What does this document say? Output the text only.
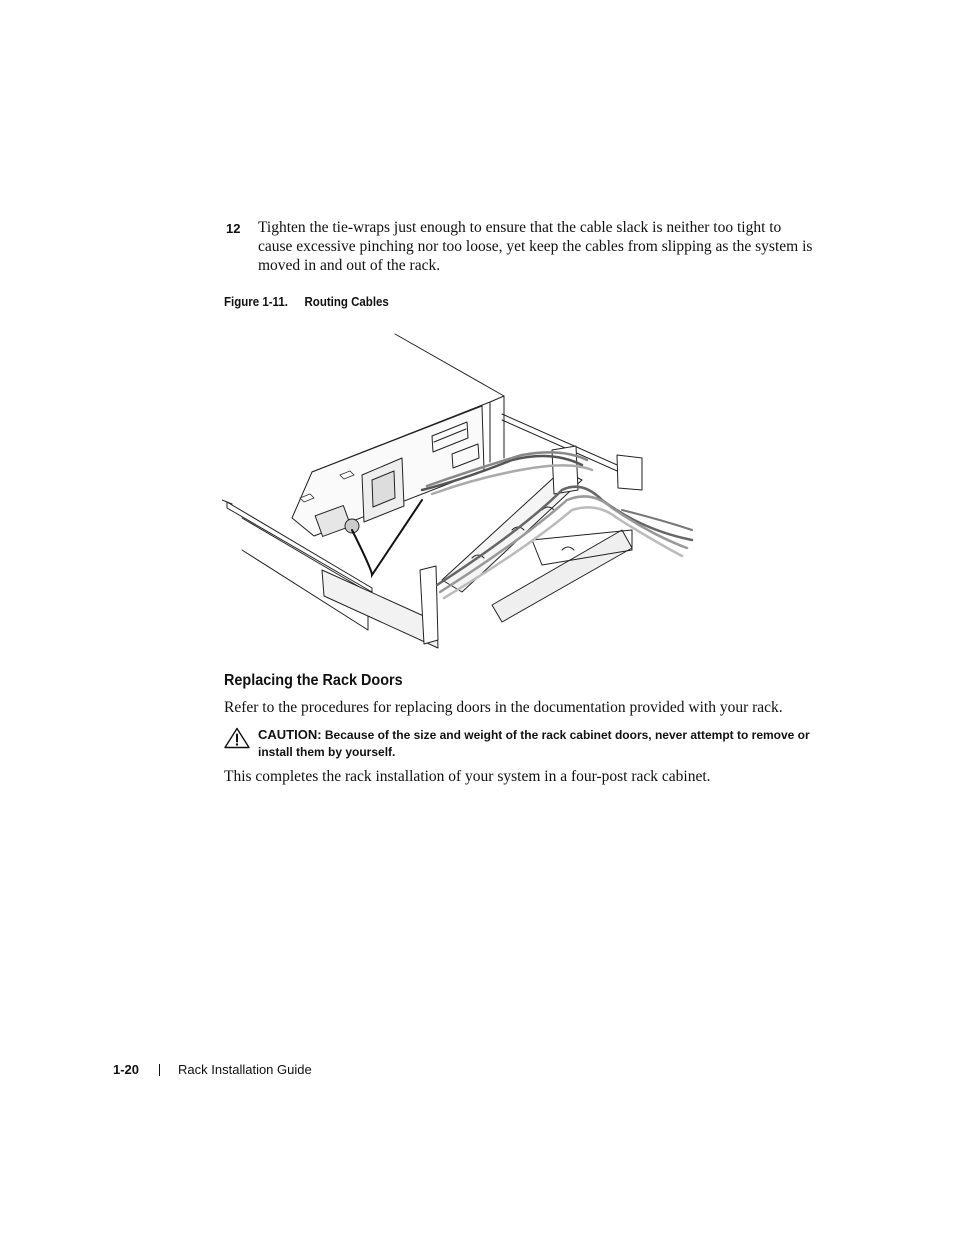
12 Tighten the tie-wraps just enough to ensure that the cable slack is neither too tight to cause excessive pinching nor too loose, yet keep the cables from slipping as the system is moved in and out of the rack.
Figure 1-11. Routing Cables
Replacing the Rack Doors
Refer to the procedures for replacing doors in the documentation provided with your rack.
CAUTION: Because of the size and weight of the rack cabinet doors, never attempt to remove or install them by yourself.
This completes the rack installation of your system in a four-post rack cabinet.
1-20	Rack Installation Guide
